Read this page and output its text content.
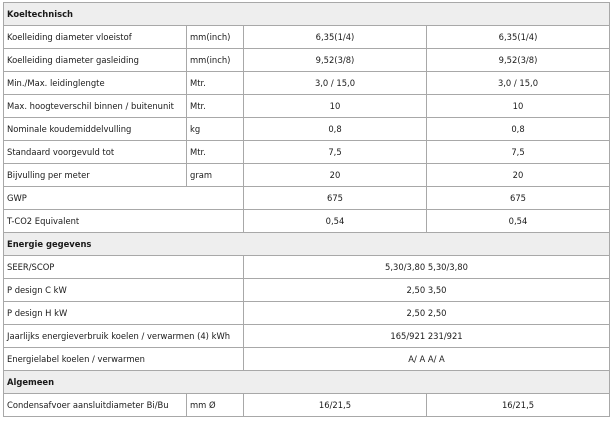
Koeltechnisch			
Koelleiding diameter vloeistof	mm(inch)	6,35(1/4)	6,35(1/4)
Koelleiding diameter gasleiding	mm(inch)	9,52(3/8)	9,52(3/8)
Min./Max. leidinglengte	Mtr.	3,0 / 15,0	3,0 / 15,0
Max. hoogteverschil binnen / buitenunit	Mtr.	10	10
Nominale koudemiddelvulling	kg	0,8	0,8
Standaard voorgevuld tot	Mtr.	7,5	7,5
Bijvulling per meter	gram	20	20
GWP		675	675
T-CO2 Equivalent		0,54	0,54
Energie gegevens			
SEER/SCOP		5,30/3,80 5,30/3,80	
P design C kW		2,50 3,50	
P design H kW		2,50 2,50	
Jaarlijks energieverbruik koelen / verwarmen (4) kWh		165/921 231/921	
Energielabel koelen / verwarmen		A/ A A/ A	
Algemeen			
Condensafvoer aansluitdiameter Bi/Bu	mm Ø	16/21,5	16/21,5
